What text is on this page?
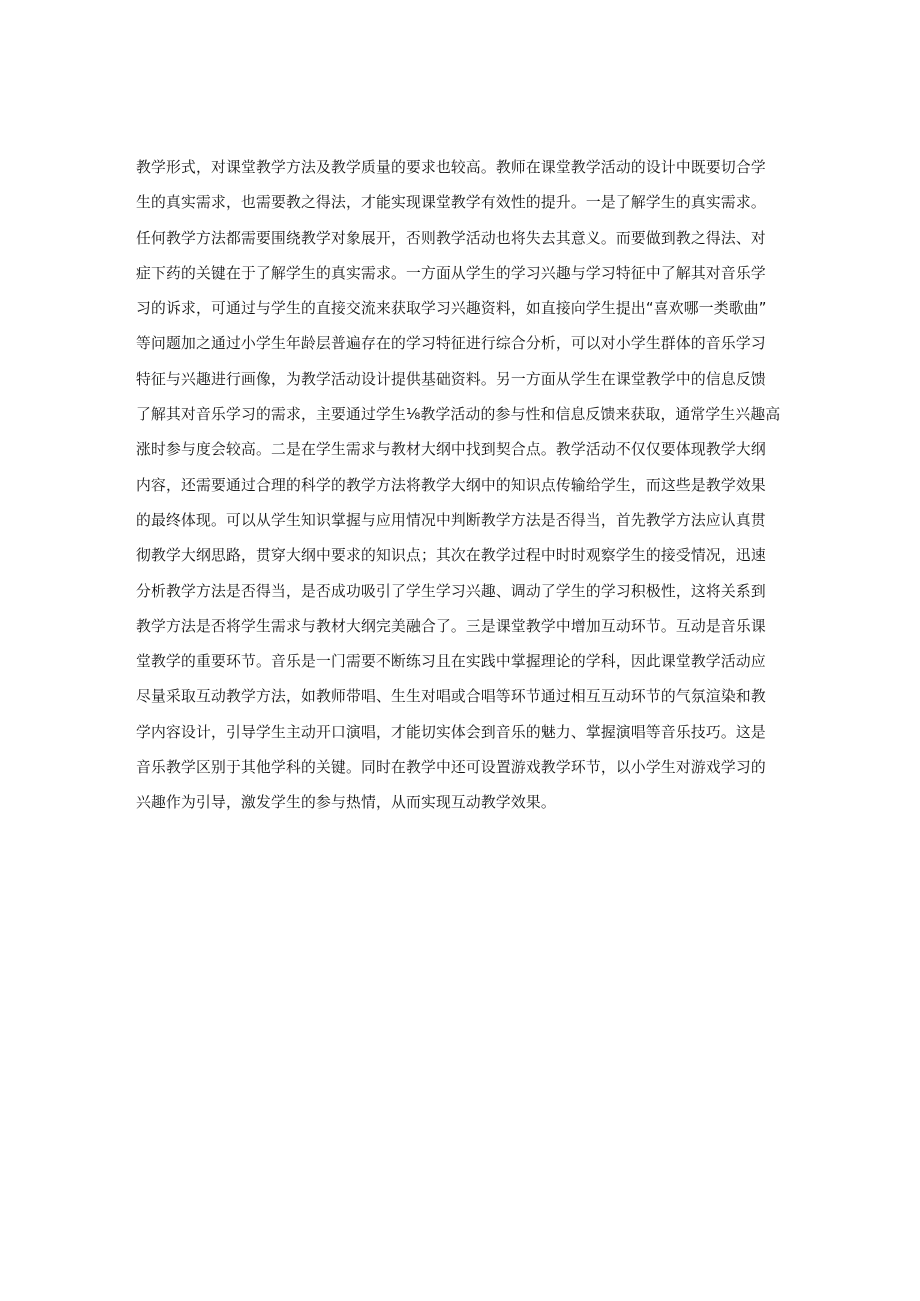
教学形式，对课堂教学方法及教学质量的要求也较高。教师在课堂教学活动的设计中既要切合学
生的真实需求，也需要教之得法，才能实现课堂教学有效性的提升。一是了解学生的真实需求。
任何教学方法都需要围绕教学对象展开，否则教学活动也将失去其意义。而要做到教之得法、对
症下药的关键在于了解学生的真实需求。一方面从学生的学习兴趣与学习特征中了解其对音乐学
习的诉求，可通过与学生的直接交流来获取学习兴趣资料，如直接向学生提出“喜欢哪一类歌曲”
等问题加之通过小学生年龄层普遍存在的学习特征进行综合分析，可以对小学生群体的音乐学习
特征与兴趣进行画像，为教学活动设计提供基础资料。另一方面从学生在课堂教学中的信息反馈
了解其对音乐学习的需求，主要通过学生⅛教学活动的参与性和信息反馈来获取，通常学生兴趣高
涨时参与度会较高。二是在学生需求与教材大纲中找到契合点。教学活动不仅仅要体现教学大纲
内容，还需要通过合理的科学的教学方法将教学大纲中的知识点传输给学生，而这些是教学效果
的最终体现。可以从学生知识掌握与应用情况中判断教学方法是否得当，首先教学方法应认真贯
彻教学大纲思路，贯穿大纲中要求的知识点；其次在教学过程中时时观察学生的接受情况，迅速
分析教学方法是否得当，是否成功吸引了学生学习兴趣、调动了学生的学习积极性，这将关系到
教学方法是否将学生需求与教材大纲完美融合了。三是课堂教学中增加互动环节。互动是音乐课
堂教学的重要环节。音乐是一门需要不断练习且在实践中掌握理论的学科，因此课堂教学活动应
尽量采取互动教学方法，如教师带唱、生生对唱或合唱等环节通过相互互动环节的气氛渲染和教
学内容设计，引导学生主动开口演唱，才能切实体会到音乐的魅力、掌握演唱等音乐技巧。这是
音乐教学区别于其他学科的关键。同时在教学中还可设置游戏教学环节，以小学生对游戏学习的
兴趣作为引导，激发学生的参与热情，从而实现互动教学效果。
